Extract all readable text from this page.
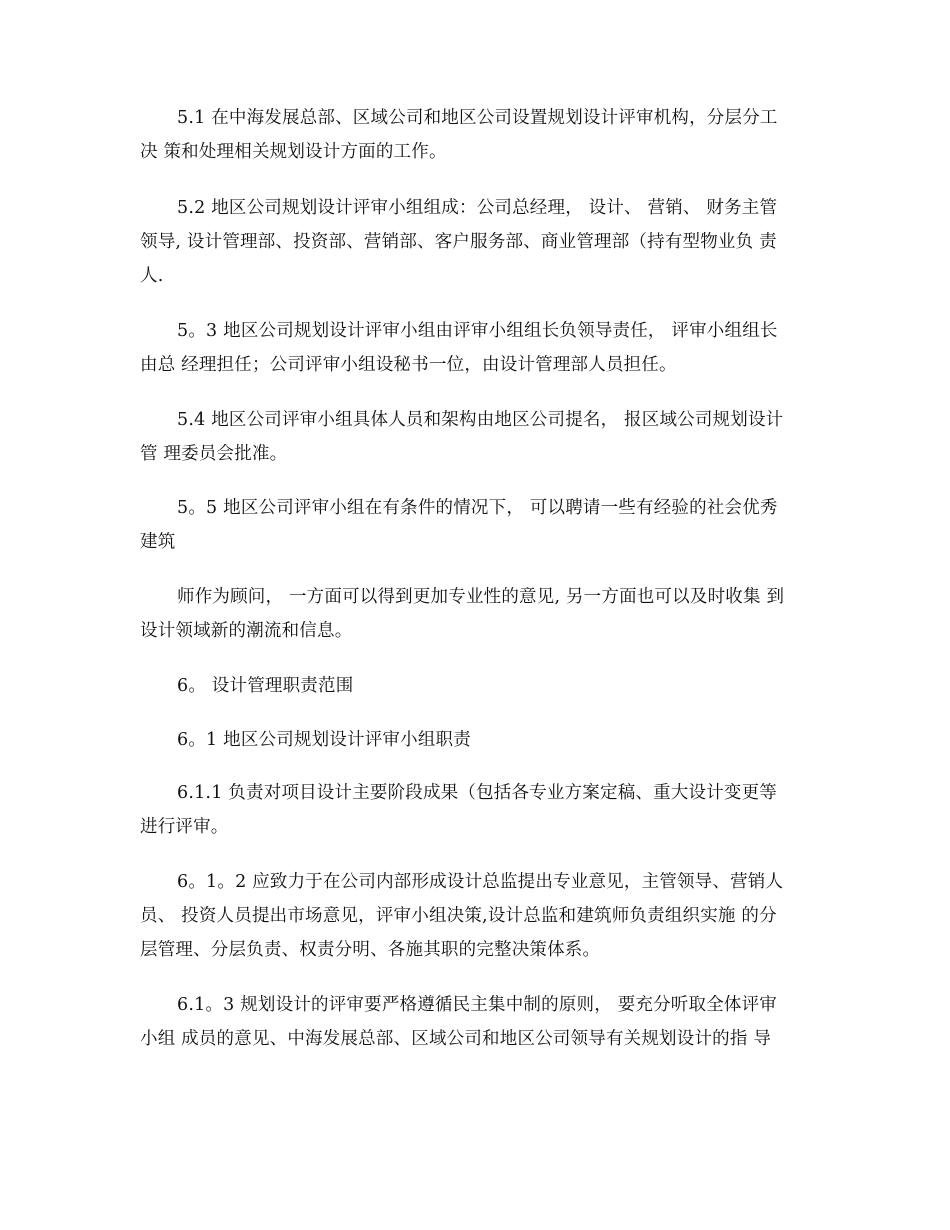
5.1 在中海发展总部、区域公司和地区公司设置规划设计评审机构，分层分工
决 策和处理相关规划设计方面的工作。

5.2 地区公司规划设计评审小组组成：公司总经理， 设计、 营销、 财务主管
领导, 设计管理部、投资部、营销部、客户服务部、商业管理部（持有型物业负 责
人.

5。3 地区公司规划设计评审小组由评审小组组长负领导责任， 评审小组组长
由总 经理担任；公司评审小组设秘书一位，由设计管理部人员担任。

5.4 地区公司评审小组具体人员和架构由地区公司提名， 报区域公司规划设计
管 理委员会批准。

5。5 地区公司评审小组在有条件的情况下， 可以聘请一些有经验的社会优秀
建筑

师作为顾问， 一方面可以得到更加专业性的意见, 另一方面也可以及时收集 到
设计领域新的潮流和信息。

6。 设计管理职责范围

6。1 地区公司规划设计评审小组职责

6.1.1 负责对项目设计主要阶段成果（包括各专业方案定稿、重大设计变更等
进行评审。

6。1。2 应致力于在公司内部形成设计总监提出专业意见，主管领导、营销人
员、 投资人员提出市场意见，评审小组决策,设计总监和建筑师负责组织实施 的分
层管理、分层负责、权责分明、各施其职的完整决策体系。

6.1。3 规划设计的评审要严格遵循民主集中制的原则， 要充分听取全体评审
小组 成员的意见、中海发展总部、区域公司和地区公司领导有关规划设计的指 导
